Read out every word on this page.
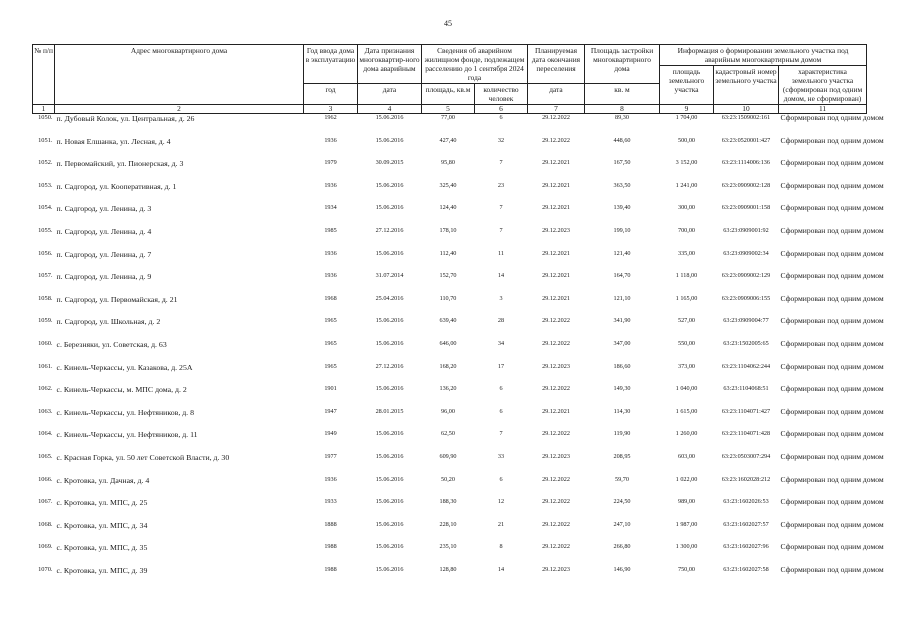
45
№ п/п	Адрес многоквартирного дома	Год ввода дома в эксплуатацию	Дата признания многоквартир-ного дома аварийным	Сведения об аварийном жилищном фонде, подлежащем расселению до 1 сентября 2024 года		Планируемая дата окончания переселения	Площадь застройки многоквартирного дома	Информация о формировании земельного участка под аварийным многоквартирным домом		
								площадь земельного участка	кадастровый номер земельного участка	характеристика земельного участка (сформирован под одним домом, не сформирован)
		год	дата	площадь, кв.м	количество человек	дата	кв. м			
1	2	3	4	5	6	7	8	9	10	11
1050.	п. Дубовый Колок, ул. Центральная, д. 26	1962	15.06.2016	77,00	6	29.12.2022	89,30	1 704,00	63:23:1509002:161	Сформирован под одним домом
1051.	п. Новая Елшанка, ул. Лесная, д. 4	1936	15.06.2016	427,40	32	29.12.2022	448,60	500,00	63:23:0520001:427	Сформирован под одним домом
1052.	п. Первомайский, ул. Пионерская, д. 3	1979	30.09.2015	95,80	7	29.12.2021	167,50	3 152,00	63:23:1114006:136	Сформирован под одним домом
1053.	п. Садгород, ул. Кооперативная, д. 1	1936	15.06.2016	325,40	23	29.12.2021	363,50	1 241,00	63:23:0909002:128	Сформирован под одним домом
1054.	п. Садгород, ул. Ленина, д. 3	1934	15.06.2016	124,40	7	29.12.2021	139,40	300,00	63:23:0909001:158	Сформирован под одним домом
1055.	п. Садгород, ул. Ленина, д. 4	1985	27.12.2016	178,10	7	29.12.2023	199,10	700,00	63:23:0909001:92	Сформирован под одним домом
1056.	п. Садгород, ул. Ленина, д. 7	1936	15.06.2016	112,40	11	29.12.2021	121,40	335,00	63:23:0909002:34	Сформирован под одним домом
1057.	п. Садгород, ул. Ленина, д. 9	1936	31.07.2014	152,70	14	29.12.2021	164,70	1 118,00	63:23:0909002:129	Сформирован под одним домом
1058.	п. Садгород, ул. Первомайская, д. 21	1968	25.04.2016	110,70	3	29.12.2021	121,10	1 165,00	63:23:0909006:155	Сформирован под одним домом
1059.	п. Садгород, ул. Школьная, д. 2	1965	15.06.2016	639,40	28	29.12.2022	341,90	527,00	63:23:0909004:77	Сформирован под одним домом
1060.	с. Березняки, ул. Советская, д. 63	1965	15.06.2016	646,00	34	29.12.2022	347,00	550,00	63:23:1502005:65	Сформирован под одним домом
1061.	с. Кинель-Черкассы, ул. Казакова, д. 25А	1965	27.12.2016	168,20	17	29.12.2023	186,60	373,00	63:23:1104062:244	Сформирован под одним домом
1062.	с. Кинель-Черкассы, м. МПС дома, д. 2	1901	15.06.2016	136,20	6	29.12.2022	149,30	1 040,00	63:23:1104068:51	Сформирован под одним домом
1063.	с. Кинель-Черкассы, ул. Нефтяников, д. 8	1947	28.01.2015	96,00	6	29.12.2021	114,30	1 615,00	63:23:1104071:427	Сформирован под одним домом
1064.	с. Кинель-Черкассы, ул. Нефтяников, д. 11	1949	15.06.2016	62,50	7	29.12.2022	119,90	1 260,00	63:23:1104071:428	Сформирован под одним домом
1065.	с. Красная Горка, ул. 50 лет Советской Власти, д. 30	1977	15.06.2016	609,90	33	29.12.2023	208,95	603,00	63:23:0503007:294	Сформирован под одним домом
1066.	с. Кротовка, ул. Дачная, д. 4	1936	15.06.2016	50,20	6	29.12.2022	59,70	1 022,00	63:23:1602028:212	Сформирован под одним домом
1067.	с. Кротовка, ул. МПС, д. 25	1933	15.06.2016	188,30	12	29.12.2022	224,50	989,00	63:23:1602026:53	Сформирован под одним домом
1068.	с. Кротовка, ул. МПС, д. 34	1888	15.06.2016	228,10	21	29.12.2022	247,10	1 987,00	63:23:1602027:57	Сформирован под одним домом
1069.	с. Кротовка, ул. МПС, д. 35	1988	15.06.2016	235,10	8	29.12.2022	266,80	1 300,00	63:23:1602027:96	Сформирован под одним домом
1070.	с. Кротовка, ул. МПС, д. 39	1988	15.06.2016	128,80	14	29.12.2023	146,90	750,00	63:23:1602027:58	Сформирован под одним домом
